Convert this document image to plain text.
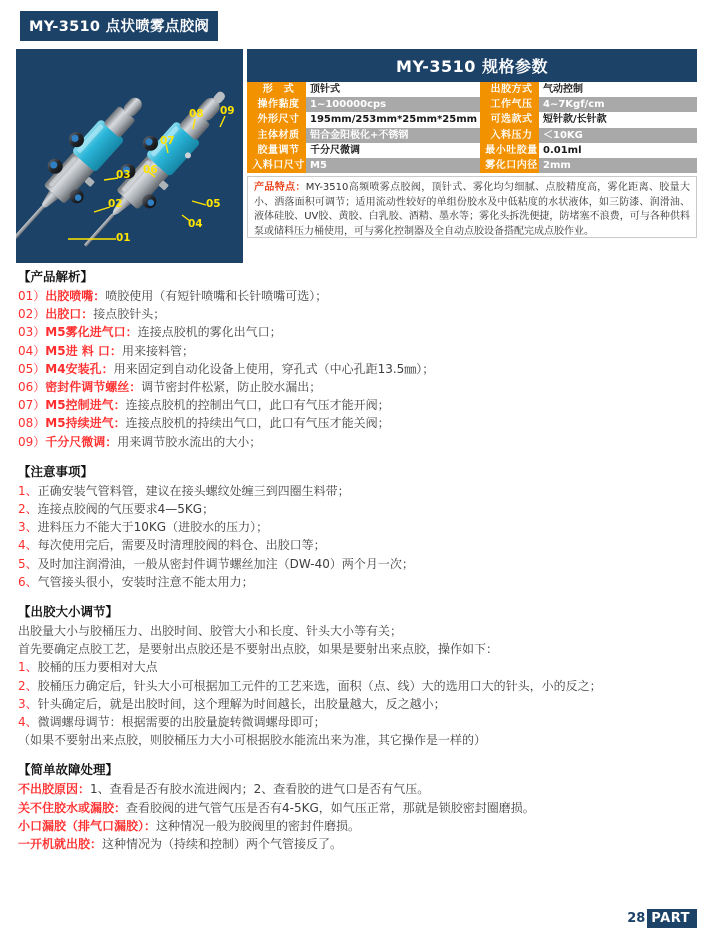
MY-3510 点状喷雾点胶阀
01
02
03
04
05
06
07
08 09
MY-3510 规格参数
形　式	顶针式	出胶方式	气动控制
操作黏度	1~100000cps	工作气压	4~7Kgf/cm
外形尺寸	195mm/253mm*25mm*25mm	可选款式	短针款/长针款
主体材质	铝合金阳极化+不锈钢	入料压力	＜10KG
胶量调节	千分尺微调	最小吐胶量	0.01ml
入料口尺寸	M5	雾化口内径	2mm

产品特点：MY-3510高频喷雾点胶阀，顶针式、雾化均匀细腻、点胶精度高，雾化距离、胶量大小、洒落面积可调节；适用流动性较好的单组份胶水及中低粘度的水状液体，如三防漆、润滑油、液体硅胶、UV胶、黄胶、白乳胶、酒精、墨水等；雾化头拆洗便捷，防堵塞不浪费，可与各种供料泵或储料压力桶使用，可与雾化控制器及全自动点胶设备搭配完成点胶作业。

【产品解析】

01）出胶喷嘴：喷胶使用（有短针喷嘴和长针喷嘴可选）；

02）出胶口：接点胶针头；

03）M5雾化进气口：连接点胶机的雾化出气口；

04）M5进 料 口：用来接料管；

05）M4安装孔：用来固定到自动化设备上使用，穿孔式（中心孔距13.5㎜）；

06）密封件调节螺丝：调节密封件松紧，防止胶水漏出；

07）M5控制进气：连接点胶机的控制出气口，此口有气压才能开阀；

08）M5持续进气：连接点胶机的持续出气口，此口有气压才能关阀；

09）千分尺微调：用来调节胶水流出的大小；

【注意事项】

1、正确安装气管料管，建议在接头螺纹处缠三到四圈生料带；

2、连接点胶阀的气压要求4—5KG；

3、进料压力不能大于10KG（进胶水的压力）；

4、每次使用完后，需要及时清理胶阀的料仓、出胶口等；

5、及时加注润滑油，一般从密封件调节螺丝加注（DW-40）两个月一次；

6、气管接头很小，安装时注意不能太用力；

【出胶大小调节】

出胶量大小与胶桶压力、出胶时间、胶管大小和长度、针头大小等有关；

首先要确定点胶工艺，是要射出点胶还是不要射出点胶，如果是要射出来点胶，操作如下：

1、胶桶的压力要相对大点

2、胶桶压力确定后，针头大小可根据加工元件的工艺来选，面积（点、线）大的选用口大的针头，小的反之；

3、针头确定后，就是出胶时间，这个理解为时间越长，出胶量越大，反之越小；

4、微调螺母调节：根据需要的出胶量旋转微调螺母即可；

（如果不要射出来点胶，则胶桶压力大小可根据胶水能流出来为准，其它操作是一样的）

【简单故障处理】

不出胶原因：1、查看是否有胶水流进阀内；2、查看胶的进气口是否有气压。

关不住胶水或漏胶：查看胶阀的进气管气压是否有4-5KG，如气压正常，那就是锁胶密封圈磨损。

小口漏胶（排气口漏胶）：这种情况一般为胶阀里的密封件磨损。

一开机就出胶：这种情况为（持续和控制）两个气管接反了。

28 PART
